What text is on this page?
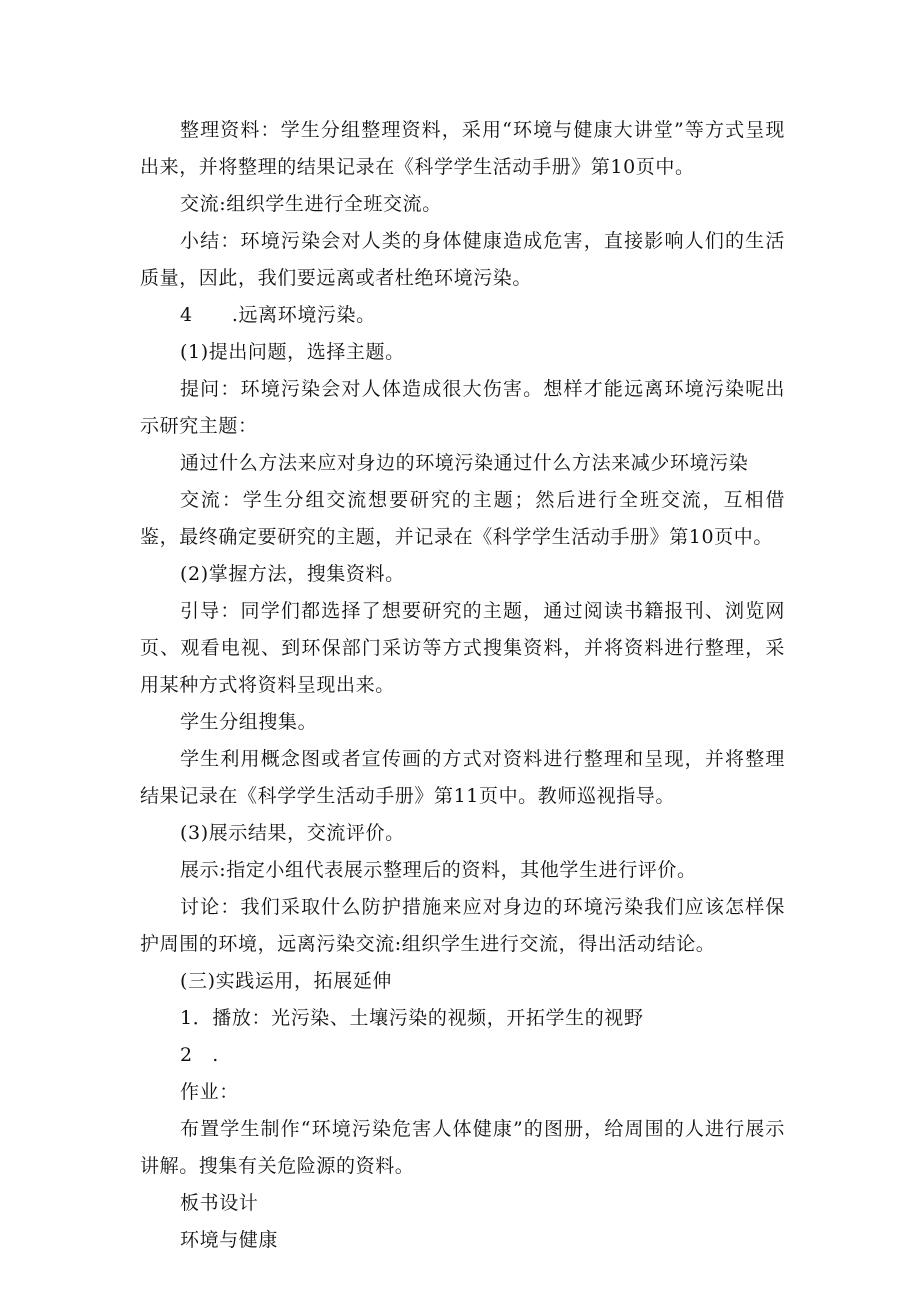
整理资料：学生分组整理资料，采用“环境与健康大讲堂”等方式呈现出来，并将整理的结果记录在《科学学生活动手册》第10页中。

交流:组织学生进行全班交流。

小结：环境污染会对人类的身体健康造成危害，直接影响人们的生活质量，因此，我们要远离或者杜绝环境污染。

4　　.远离环境污染。

(1)提出问题，选择主题。

提问：环境污染会对人体造成很大伤害。想样才能远离环境污染呢出示研究主题：

通过什么方法来应对身边的环境污染通过什么方法来减少环境污染

交流：学生分组交流想要研究的主题；然后进行全班交流，互相借鉴，最终确定要研究的主题，并记录在《科学学生活动手册》第10页中。

(2)掌握方法，搜集资料。

引导：同学们都选择了想要研究的主题，通过阅读书籍报刊、浏览网页、观看电视、到环保部门采访等方式搜集资料，并将资料进行整理，采用某种方式将资料呈现出来。

学生分组搜集。

学生利用概念图或者宣传画的方式对资料进行整理和呈现，并将整理结果记录在《科学学生活动手册》第11页中。教师巡视指导。

(3)展示结果，交流评价。

展示:指定小组代表展示整理后的资料，其他学生进行评价。

讨论：我们采取什么防护措施来应对身边的环境污染我们应该怎样保护周围的环境，远离污染交流:组织学生进行交流，得出活动结论。

(三)实践运用，拓展延伸

1．播放：光污染、土壤污染的视频，开拓学生的视野

2　.

作业：

布置学生制作“环境污染危害人体健康”的图册，给周围的人进行展示讲解。搜集有关危险源的资料。

板书设计

环境与健康
